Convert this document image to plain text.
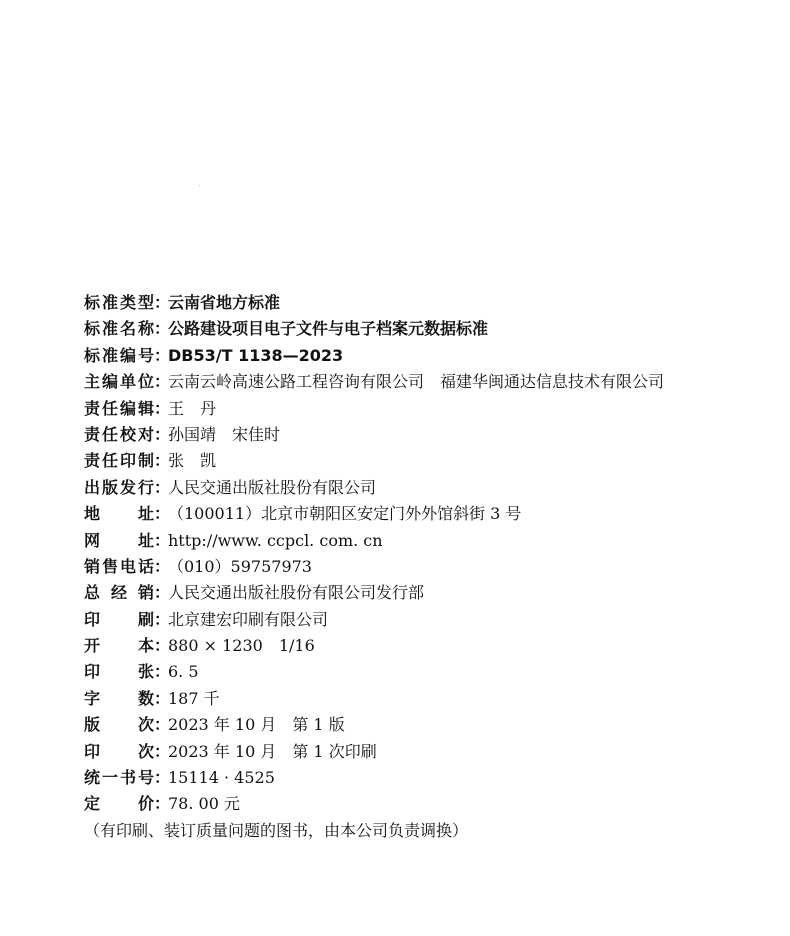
标 准 类 型 ：
云南省地方标准
标 准 名 称 ：
公路建设项目电子文件与电子档案元数据标准
标 准 编 号 ：
DB53/T 1138—2023
主 编 单 位 ：
云南云岭高速公路工程咨询有限公司　福建华闽通达信息技术有限公司
责 任 编 辑 ：
王　丹
责 任 校 对 ：
孙国靖　宋佳时
责 任 印 制 ：
张　凯
出 版 发 行 ：
人民交通出版社股份有限公司
地 址 ：
（100011）北京市朝阳区安定门外外馆斜街 3 号
网 址 ：
http://www. ccpcl. com. cn
销 售 电 话 ：
（010）59757973
总 经 销 ：
人民交通出版社股份有限公司发行部
印 刷 ：
北京建宏印刷有限公司
开 本 ：
880 × 1230　1/16
印 张 ：
6. 5
字 数 ：
187 千
版 次 ：
2023 年 10 月　第 1 版
印 次 ：
2023 年 10 月　第 1 次印刷
统 一 书 号 ：
15114 · 4525
定 价 ：
78. 00 元
（有印刷、装订质量问题的图书，由本公司负责调换）
